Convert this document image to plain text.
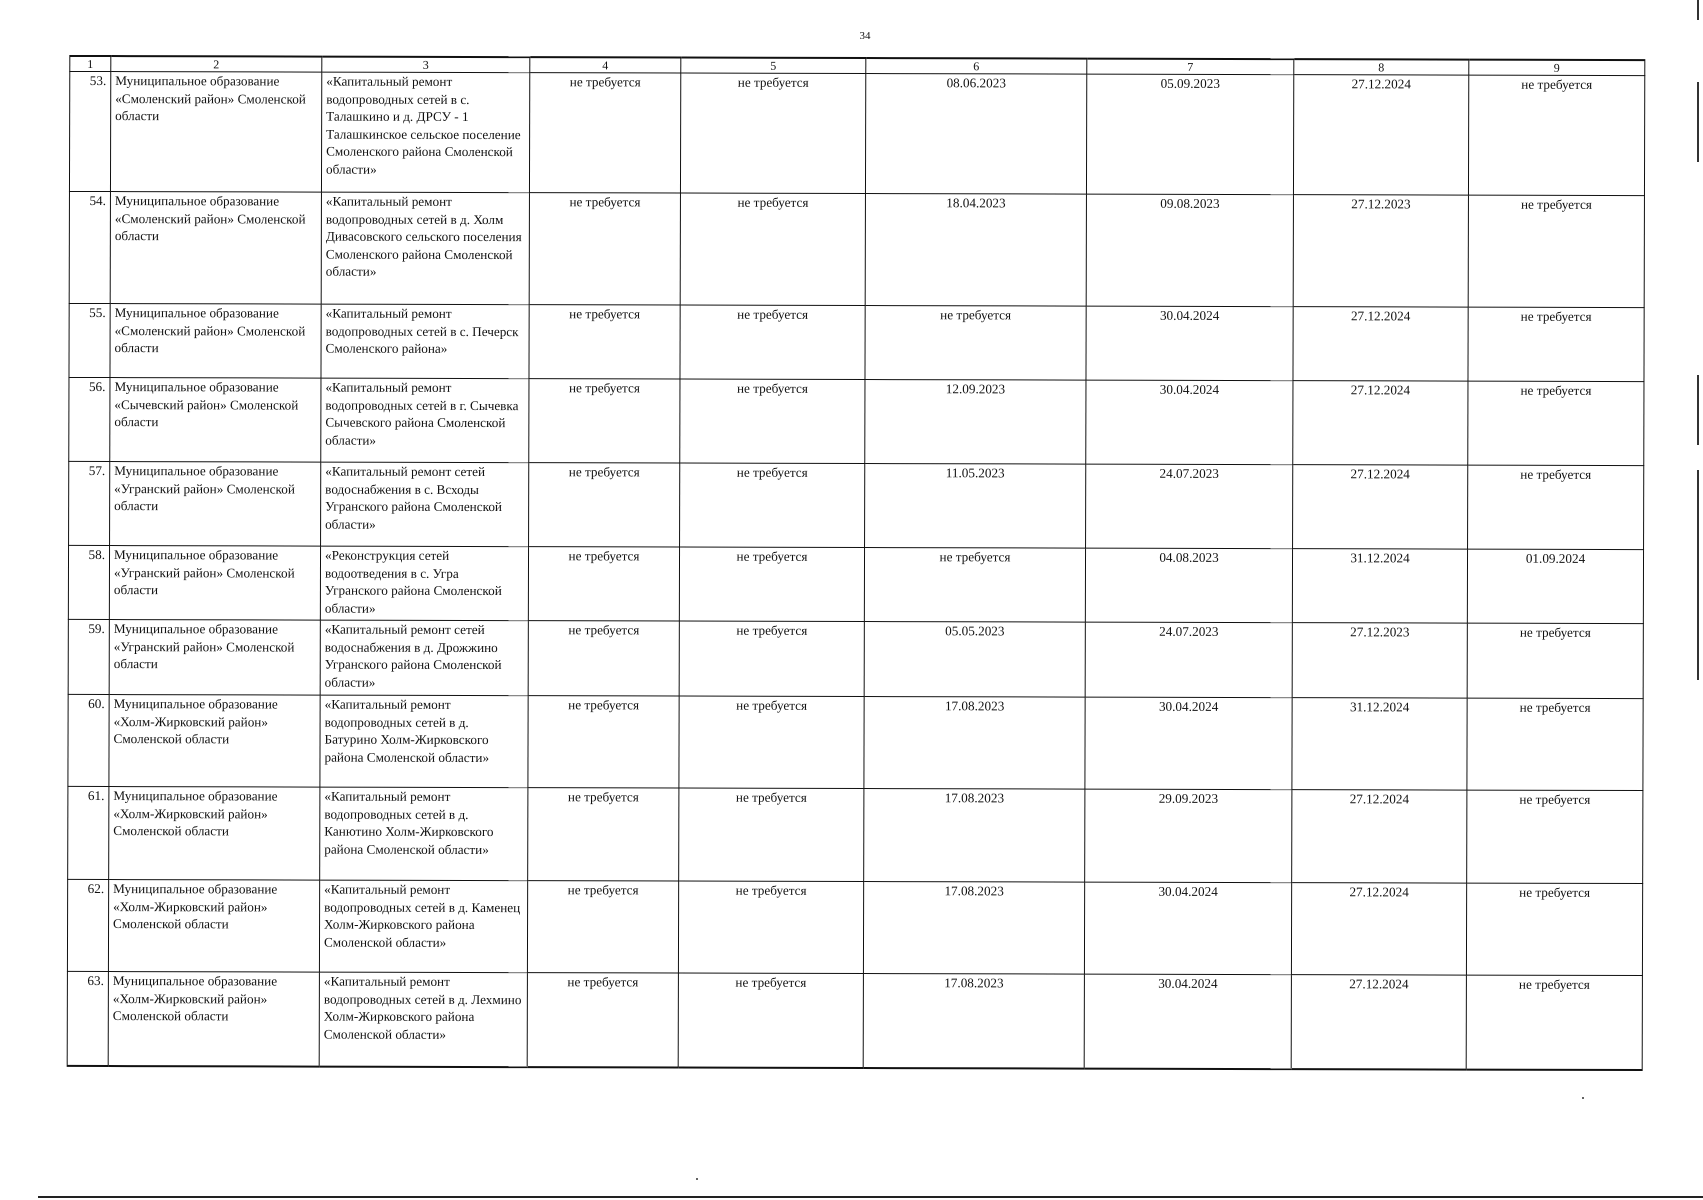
34
1	2	3	4	5	6	7	8	9
53.	Муниципальное образование «Смоленский район» Смоленской области	«Капитальный ремонт водопроводных сетей в с. Талашкино и д. ДРСУ - 1 Талашкинское сельское поселение Смоленского района Смоленской области»	не требуется	не требуется	08.06.2023	05.09.2023	27.12.2024	не требуется
54.	Муниципальное образование «Смоленский район» Смоленской области	«Капитальный ремонт водопроводных сетей в д. Холм Дивасовского сельского поселения Смоленского района Смоленской области»	не требуется	не требуется	18.04.2023	09.08.2023	27.12.2023	не требуется
55.	Муниципальное образование «Смоленский район» Смоленской области	«Капитальный ремонт водопроводных сетей в с. Печерск Смоленского района»	не требуется	не требуется	не требуется	30.04.2024	27.12.2024	не требуется
56.	Муниципальное образование «Сычевский район» Смоленской области	«Капитальный ремонт водопроводных сетей в г. Сычевка Сычевского района Смоленской области»	не требуется	не требуется	12.09.2023	30.04.2024	27.12.2024	не требуется
57.	Муниципальное образование «Угранский район» Смоленской области	«Капитальный ремонт сетей водоснабжения в с. Всходы Угранского района Смоленской области»	не требуется	не требуется	11.05.2023	24.07.2023	27.12.2024	не требуется
58.	Муниципальное образование «Угранский район» Смоленской области	«Реконструкция сетей водоотведения в с. Угра Угранского района Смоленской области»	не требуется	не требуется	не требуется	04.08.2023	31.12.2024	01.09.2024
59.	Муниципальное образование «Угранский район» Смоленской области	«Капитальный ремонт сетей водоснабжения в д. Дрожжино Угранского района Смоленской области»	не требуется	не требуется	05.05.2023	24.07.2023	27.12.2023	не требуется
60.	Муниципальное образование «Холм-Жирковский район» Смоленской области	«Капитальный ремонт водопроводных сетей в д. Батурино Холм-Жирковского района Смоленской области»	не требуется	не требуется	17.08.2023	30.04.2024	31.12.2024	не требуется
61.	Муниципальное образование «Холм-Жирковский район» Смоленской области	«Капитальный ремонт водопроводных сетей в д. Канютино Холм-Жирковского района Смоленской области»	не требуется	не требуется	17.08.2023	29.09.2023	27.12.2024	не требуется
62.	Муниципальное образование «Холм-Жирковский район» Смоленской области	«Капитальный ремонт водопроводных сетей в д. Каменец Холм-Жирковского района Смоленской области»	не требуется	не требуется	17.08.2023	30.04.2024	27.12.2024	не требуется
63.	Муниципальное образование «Холм-Жирковский район» Смоленской области	«Капитальный ремонт водопроводных сетей в д. Лехмино Холм-Жирковского района Смоленской области»	не требуется	не требуется	17.08.2023	30.04.2024	27.12.2024	не требуется
